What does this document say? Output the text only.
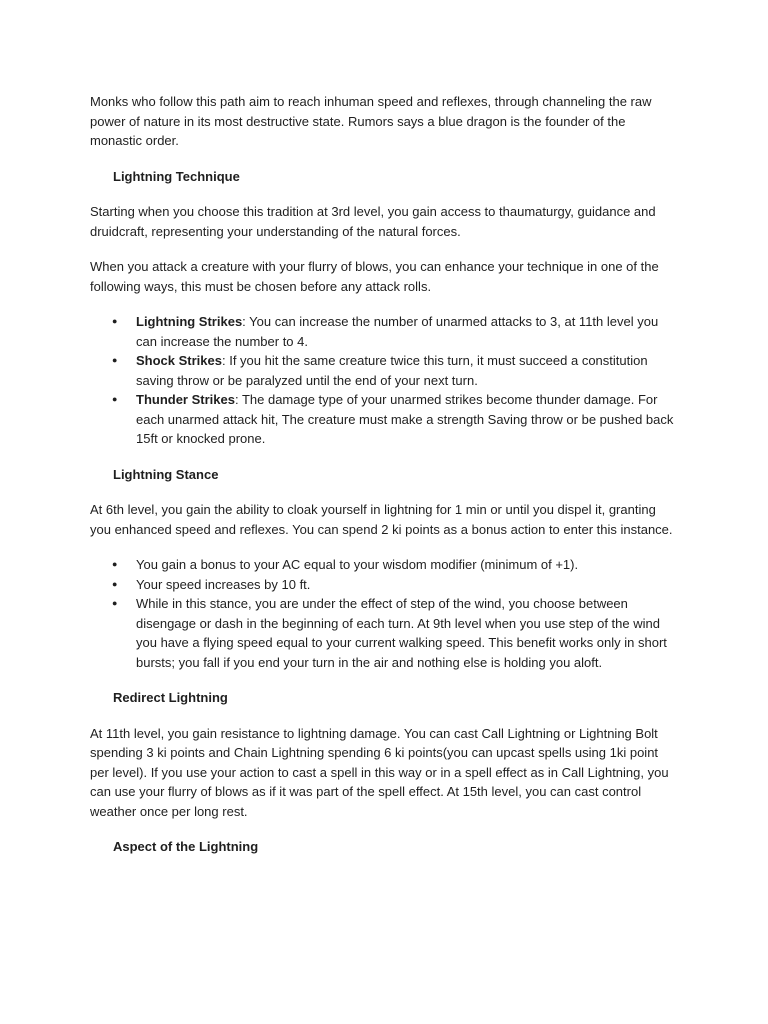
Monks who follow this path aim to reach inhuman speed and reflexes, through channeling the raw power of nature in its most destructive state. Rumors says a blue dragon is the founder of the monastic order.

Lightning Technique

Starting when you choose this tradition at 3rd level, you gain access to thaumaturgy, guidance and druidcraft, representing your understanding of the natural forces.

When you attack a creature with your flurry of blows, you can enhance your technique in one of the following ways, this must be chosen before any attack rolls.

● Lightning Strikes: You can increase the number of unarmed attacks to 3, at 11th level you can increase the number to 4.
● Shock Strikes: If you hit the same creature twice this turn, it must succeed a constitution saving throw or be paralyzed until the end of your next turn.
● Thunder Strikes: The damage type of your unarmed strikes become thunder damage. For each unarmed attack hit, The creature must make a strength Saving throw or be pushed back 15ft or knocked prone.
Lightning Stance

At 6th level, you gain the ability to cloak yourself in lightning for 1 min or until you dispel it, granting you enhanced speed and reflexes. You can spend 2 ki points as a bonus action to enter this instance.

● You gain a bonus to your AC equal to your wisdom modifier (minimum of +1).
● Your speed increases by 10 ft.
● While in this stance, you are under the effect of step of the wind, you choose between disengage or dash in the beginning of each turn. At 9th level when you use step of the wind you have a flying speed equal to your current walking speed. This benefit works only in short bursts; you fall if you end your turn in the air and nothing else is holding you aloft.
Redirect Lightning

At 11th level, you gain resistance to lightning damage. You can cast Call Lightning or Lightning Bolt spending 3 ki points and Chain Lightning spending 6 ki points(you can upcast spells using 1ki point per level). If you use your action to cast a spell in this way or in a spell effect as in Call Lightning, you can use your flurry of blows as if it was part of the spell effect. At 15th level, you can cast control weather once per long rest.

Aspect of the Lightning
